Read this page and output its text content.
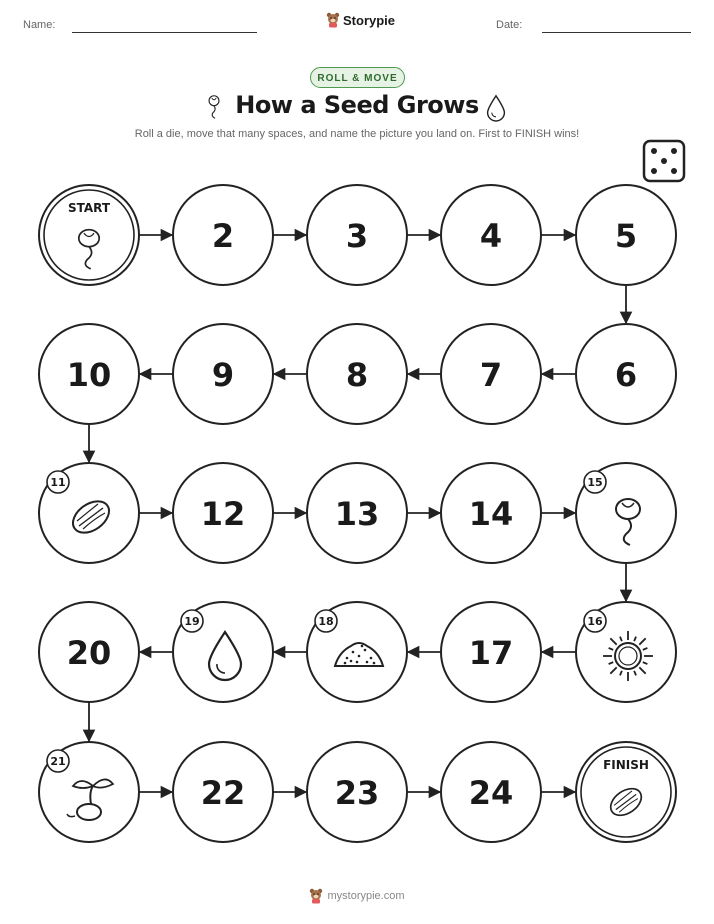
Name:	Date:
Storypie
ROLL & MOVE
How a Seed Grows
Roll a die, move that many spaces, and name the picture you land on. First to FINISH wins!
START
2	3	4	5
6
7
8
9
10
11
12	13	14
15
16
17
18
19
20
21
22	23	24
FINISH
mystorypie.com
